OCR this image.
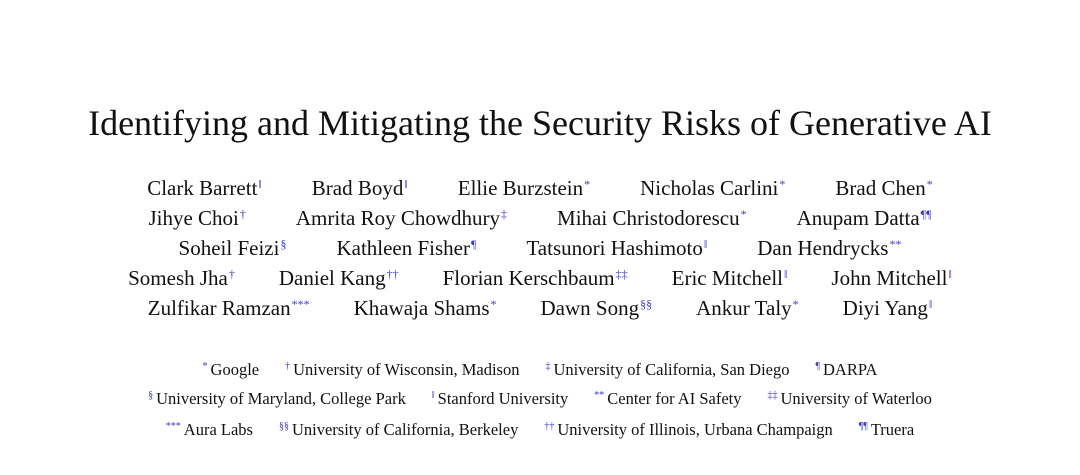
Identifying and Mitigating the Security Risks of Generative AI
Clark Barrett‖ Brad Boyd‖ Ellie Burzstein* Nicholas Carlini* Brad Chen*
Jihye Choi† Amrita Roy Chowdhury‡ Mihai Christodorescu* Anupam Datta¶¶
Soheil Feizi§ Kathleen Fisher¶ Tatsunori Hashimoto‖ Dan Hendrycks**
Somesh Jha† Daniel Kang†† Florian Kerschbaum‡‡ Eric Mitchell‖ John Mitchell‖
Zulfikar Ramzan*** Khawaja Shams* Dawn Song§§ Ankur Taly* Diyi Yang‖
* Google	† University of Wisconsin, Madison	‡ University of California, San Diego	¶ DARPA
§ University of Maryland, College Park	‖ Stanford University	** Center for AI Safety	‡‡ University of Waterloo
*** Aura Labs	§§ University of California, Berkeley	†† University of Illinois, Urbana Champaign	¶¶ Truera
